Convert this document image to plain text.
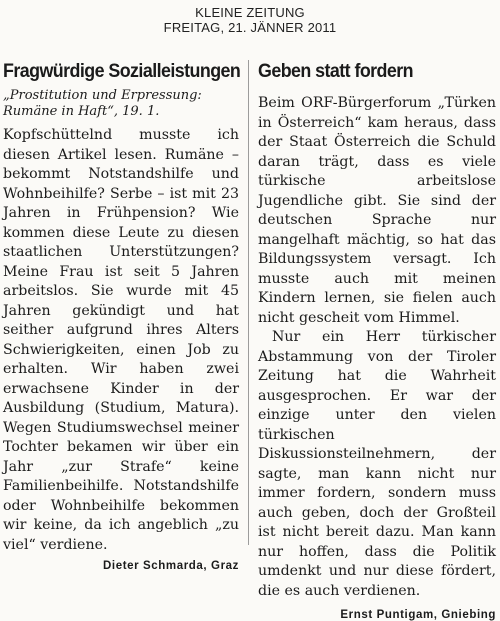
KLEINE ZEITUNG
FREITAG, 21. JÄNNER 2011
Fragwürdige Sozialleistungen

„Prostitution und Erpressung: Rumäne in Haft“, 19. 1.

Kopfschüttelnd musste ich diesen Artikel lesen. Rumäne – bekommt Notstandshilfe und Wohnbeihilfe? Serbe – ist mit 23 Jahren in Frühpension? Wie kommen diese Leute zu diesen staatlichen Unterstützungen? Meine Frau ist seit 5 Jahren arbeitslos. Sie wurde mit 45 Jahren gekündigt und hat seither aufgrund ihres Alters Schwierigkeiten, einen Job zu erhalten. Wir haben zwei erwachsene Kinder in der Ausbildung (Studium, Matura). Wegen Studiumswechsel meiner Tochter bekamen wir über ein Jahr „zur Strafe“ keine Familienbeihilfe. Notstandshilfe oder Wohnbeihilfe bekommen wir keine, da ich angeblich „zu viel“ verdiene.
Dieter Schmarda, Graz

Geben statt fordern

Beim ORF-Bürgerforum „Türken in Österreich“ kam heraus, dass der Staat Österreich die Schuld daran trägt, dass es viele türkische arbeitslose Jugendliche gibt. Sie sind der deutschen Sprache nur mangelhaft mächtig, so hat das Bildungssystem versagt. Ich musste auch mit meinen Kindern lernen, sie fielen auch nicht gescheit vom Himmel.

Nur ein Herr türkischer Abstammung von der Tiroler Zeitung hat die Wahrheit ausgesprochen. Er war der einzige unter den vielen türkischen Diskussionsteilnehmern, der sagte, man kann nicht nur immer fordern, sondern muss auch geben, doch der Großteil ist nicht bereit dazu. Man kann nur hoffen, dass die Politik umdenkt und nur diese fördert, die es auch verdienen.

Ernst Puntigam, Gniebing
